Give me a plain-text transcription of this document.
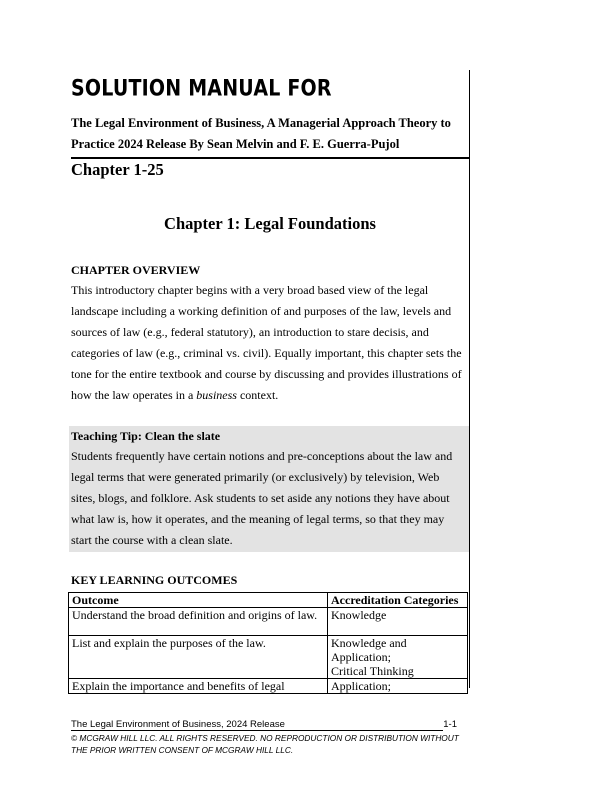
SOLUTION MANUAL FOR
The Legal Environment of Business, A Managerial Approach Theory to Practice 2024 Release By Sean Melvin and F. E. Guerra-Pujol
Chapter 1-25
Chapter 1: Legal Foundations
CHAPTER OVERVIEW
This introductory chapter begins with a very broad based view of the legal landscape including a working definition of and purposes of the law, levels and sources of law (e.g., federal statutory), an introduction to stare decisis, and categories of law (e.g., criminal vs. civil). Equally important, this chapter sets the tone for the entire textbook and course by discussing and provides illustrations of how the law operates in a business context.
Teaching Tip: Clean the slate
Students frequently have certain notions and pre-conceptions about the law and legal terms that were generated primarily (or exclusively) by television, Web sites, blogs, and folklore. Ask students to set aside any notions they have about what law is, how it operates, and the meaning of legal terms, so that they may start the course with a clean slate.
KEY LEARNING OUTCOMES
Outcome	Accreditation Categories
Understand the broad definition and origins of law.	Knowledge

List and explain the purposes of the law.	Knowledge and
Application;
Critical Thinking

Explain the importance and benefits of legal	Application;
The Legal Environment of Business, 2024 Release	1-1
© MCGRAW HILL LLC. ALL RIGHTS RESERVED. NO REPRODUCTION OR DISTRIBUTION WITHOUT THE PRIOR WRITTEN CONSENT OF MCGRAW HILL LLC.
